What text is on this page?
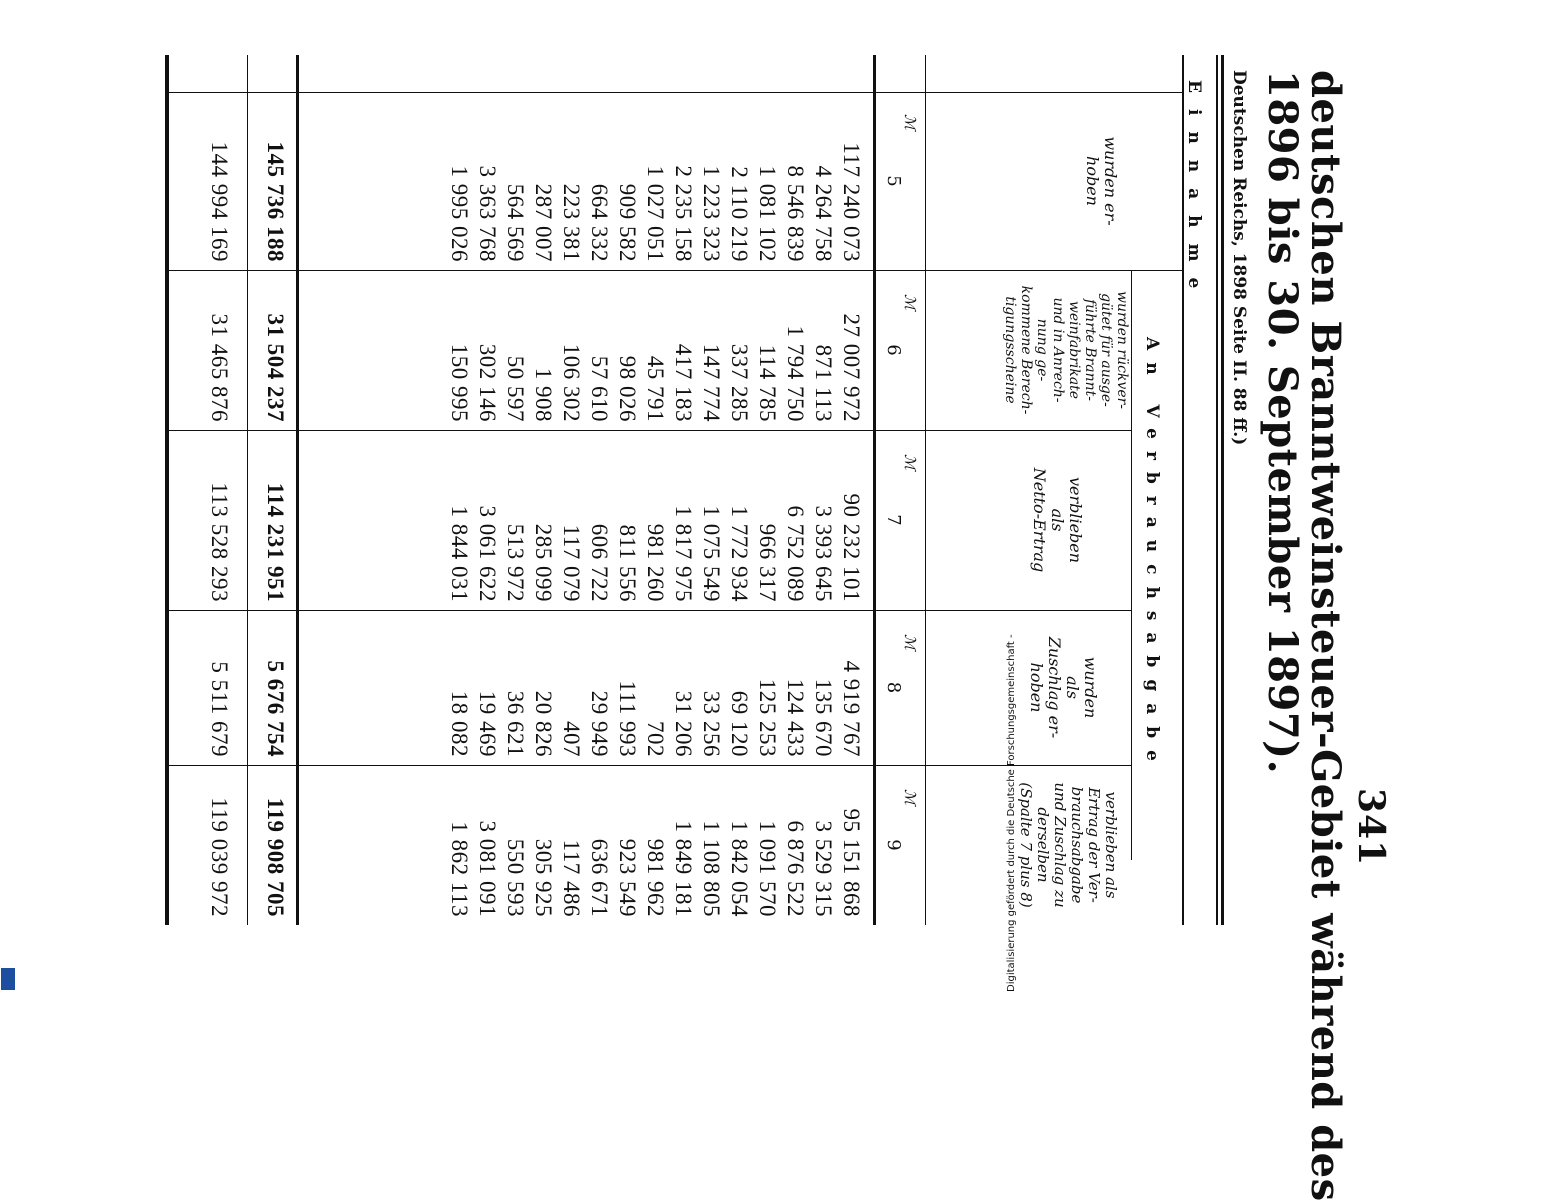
341
deutschen Branntweinsteuer-Gebiet während des
1896 bis 30. September 1897).
Deutschen Reichs, 1898 Seite II. 88 ff.)
Einnahme
An Verbrauchsabgabe
wurden er-
hoben
wurden rückver-
gütet für ausge-
führte Brannt-
weinfabrikate
und in Anrech-
nung ge-
kommene Berech-
tigungsscheine
verblieben
als
Netto-Ertrag
wurden
als
Zuschlag er-
hoben
verblieben als
Ertrag der Ver-
brauchsabgabe
und Zuschlag zu
derselben
(Spalte 7 plus 8)
ℳ
ℳ
ℳ
ℳ
ℳ
5
6
7
8
9
117 240 073
27 007 972
90 232 101
4 919 767
95 151 868
4 264 758
871 113
3 393 645
135 670
3 529 315
8 546 839
1 794 750
6 752 089
124 433
6 876 522
1 081 102
114 785
966 317
125 253
1 091 570
2 110 219
337 285
1 772 934
69 120
1 842 054
1 223 323
147 774
1 075 549
33 256
1 108 805
2 235 158
417 183
1 817 975
31 206
1 849 181
1 027 051
45 791
981 260
702
981 962
909 582
98 026
811 556
111 993
923 549
664 332
57 610
606 722
29 949
636 671
223 381
106 302
117 079
407
117 486
287 007
1 908
285 099
20 826
305 925
564 569
50 597
513 972
36 621
550 593
3 363 768
302 146
3 061 622
19 469
3 081 091
1 995 026
150 995
1 844 031
18 082
1 862 113
145 736 188
31 504 237
114 231 951
5 676 754
119 908 705
144 994 169
31 465 876
113 528 293
5 511 679
119 039 972	Digitalisierung gefördert durch die Deutsche Forschungsgemeinschaft -
